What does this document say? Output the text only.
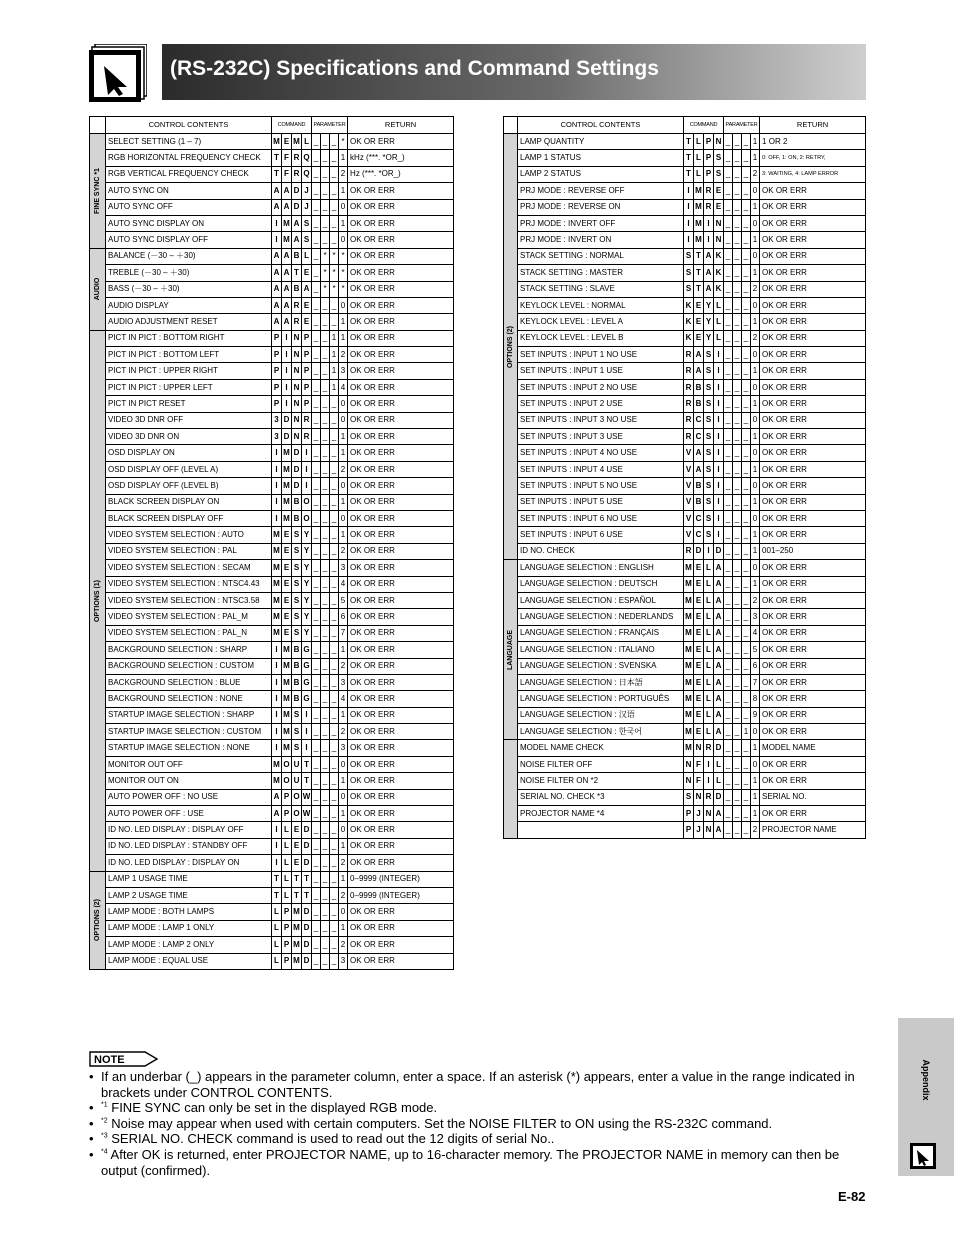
(RS-232C) Specifications and Command Settings
	CONTROL CONTENTS	COMMAND				PARAMETER				RETURN

FINE SYNC *1	SELECT SETTING (1 – 7)	M	E	M	L	_	_	_	*	OK OR ERR
	RGB HORIZONTAL FREQUENCY CHECK	T	F	R	Q	_	_	_	1	kHz (***. *OR_)
	RGB VERTICAL FREQUENCY CHECK	T	F	R	Q	_	_	_	2	Hz (***. *OR_)
	AUTO SYNC ON	A	A	D	J	_	_	_	1	OK OR ERR
	AUTO SYNC OFF	A	A	D	J	_	_	_	0	OK OR ERR
	AUTO SYNC DISPLAY ON	I	M	A	S	_	_	_	1	OK OR ERR
	AUTO SYNC DISPLAY OFF	I	M	A	S	_	_	_	0	OK OR ERR

AUDIO	BALANCE (－30 – ＋30)	A	A	B	L	_	*	*	*	OK OR ERR
	TREBLE (－30 – ＋30)	A	A	T	E	_	*	*	*	OK OR ERR
	BASS (－30 – ＋30)	A	A	B	A	_	*	*	*	OK OR ERR
	AUDIO DISPLAY	A	A	R	E	_	_	_	0	OK OR ERR
	AUDIO ADJUSTMENT RESET	A	A	R	E	_	_	_	1	OK OR ERR

OPTIONS (1)	PICT IN PICT : BOTTOM RIGHT	P	I	N	P	_	_	1	1	OK OR ERR
	PICT IN PICT : BOTTOM LEFT	P	I	N	P	_	_	1	2	OK OR ERR
	PICT IN PICT : UPPER RIGHT	P	I	N	P	_	_	1	3	OK OR ERR
	PICT IN PICT : UPPER LEFT	P	I	N	P	_	_	1	4	OK OR ERR
	PICT IN PICT RESET	P	I	N	P	_	_	_	0	OK OR ERR
	VIDEO 3D DNR OFF	3	D	N	R	_	_	_	0	OK OR ERR
	VIDEO 3D DNR ON	3	D	N	R	_	_	_	1	OK OR ERR
	OSD DISPLAY ON	I	M	D	I	_	_	_	1	OK OR ERR
	OSD DISPLAY OFF (LEVEL A)	I	M	D	I	_	_	_	2	OK OR ERR
	OSD DISPLAY OFF (LEVEL B)	I	M	D	I	_	_	_	0	OK OR ERR
	BLACK SCREEN DISPLAY ON	I	M	B	O	_	_	_	1	OK OR ERR
	BLACK SCREEN DISPLAY OFF	I	M	B	O	_	_	_	0	OK OR ERR
	VIDEO SYSTEM SELECTION : AUTO	M	E	S	Y	_	_	_	1	OK OR ERR
	VIDEO SYSTEM SELECTION : PAL	M	E	S	Y	_	_	_	2	OK OR ERR
	VIDEO SYSTEM SELECTION : SECAM	M	E	S	Y	_	_	_	3	OK OR ERR
	VIDEO SYSTEM SELECTION : NTSC4.43	M	E	S	Y	_	_	_	4	OK OR ERR
	VIDEO SYSTEM SELECTION : NTSC3.58	M	E	S	Y	_	_	_	5	OK OR ERR
	VIDEO SYSTEM SELECTION : PAL_M	M	E	S	Y	_	_	_	6	OK OR ERR
	VIDEO SYSTEM SELECTION : PAL_N	M	E	S	Y	_	_	_	7	OK OR ERR
	BACKGROUND SELECTION : SHARP	I	M	B	G	_	_	_	1	OK OR ERR
	BACKGROUND SELECTION : CUSTOM	I	M	B	G	_	_	_	2	OK OR ERR
	BACKGROUND SELECTION : BLUE	I	M	B	G	_	_	_	3	OK OR ERR
	BACKGROUND SELECTION : NONE	I	M	B	G	_	_	_	4	OK OR ERR
	STARTUP IMAGE SELECTION : SHARP	I	M	S	I	_	_	_	1	OK OR ERR
	STARTUP IMAGE SELECTION : CUSTOM	I	M	S	I	_	_	_	2	OK OR ERR
	STARTUP IMAGE SELECTION : NONE	I	M	S	I	_	_	_	3	OK OR ERR
	MONITOR OUT OFF	M	O	U	T	_	_	_	0	OK OR ERR
	MONITOR OUT ON	M	O	U	T	_	_	_	1	OK OR ERR
	AUTO POWER OFF : NO USE	A	P	O	W	_	_	_	0	OK OR ERR
	AUTO POWER OFF : USE	A	P	O	W	_	_	_	1	OK OR ERR
	ID NO. LED DISPLAY : DISPLAY OFF	I	L	E	D	_	_	_	0	OK OR ERR
	ID NO. LED DISPLAY : STANDBY OFF	I	L	E	D	_	_	_	1	OK OR ERR
	ID NO. LED DISPLAY : DISPLAY ON	I	L	E	D	_	_	_	2	OK OR ERR

OPTIONS (2)	LAMP 1 USAGE TIME	T	L	T	T	_	_	_	1	0–9999 (INTEGER)
	LAMP 2 USAGE TIME	T	L	T	T	_	_	_	2	0–9999 (INTEGER)
	LAMP MODE : BOTH LAMPS	L	P	M	D	_	_	_	0	OK OR ERR
	LAMP MODE : LAMP 1 ONLY	L	P	M	D	_	_	_	1	OK OR ERR
	LAMP MODE : LAMP 2 ONLY	L	P	M	D	_	_	_	2	OK OR ERR
	LAMP MODE : EQUAL USE	L	P	M	D	_	_	_	3	OK OR ERR
	CONTROL CONTENTS	COMMAND				PARAMETER				RETURN

OPTIONS (2)	LAMP QUANTITY	T	L	P	N	_	_	_	1	1 OR 2
	LAMP 1 STATUS	T	L	P	S	_	_	_	1	0: OFF, 1: ON, 2: RETRY,
	LAMP 2 STATUS	T	L	P	S	_	_	_	2	3: WAITING, 4: LAMP ERROR
	PRJ MODE : REVERSE OFF	I	M	R	E	_	_	_	0	OK OR ERR
	PRJ MODE : REVERSE ON	I	M	R	E	_	_	_	1	OK OR ERR
	PRJ MODE : INVERT OFF	I	M	I	N	_	_	_	0	OK OR ERR
	PRJ MODE : INVERT ON	I	M	I	N	_	_	_	1	OK OR ERR
	STACK SETTING : NORMAL	S	T	A	K	_	_	_	0	OK OR ERR
	STACK SETTING : MASTER	S	T	A	K	_	_	_	1	OK OR ERR
	STACK SETTING : SLAVE	S	T	A	K	_	_	_	2	OK OR ERR
	KEYLOCK LEVEL : NORMAL	K	E	Y	L	_	_	_	0	OK OR ERR
	KEYLOCK LEVEL : LEVEL A	K	E	Y	L	_	_	_	1	OK OR ERR
	KEYLOCK LEVEL : LEVEL B	K	E	Y	L	_	_	_	2	OK OR ERR
	SET INPUTS : INPUT 1 NO USE	R	A	S	I	_	_	_	0	OK OR ERR
	SET INPUTS : INPUT 1 USE	R	A	S	I	_	_	_	1	OK OR ERR
	SET INPUTS : INPUT 2 NO USE	R	B	S	I	_	_	_	0	OK OR ERR
	SET INPUTS : INPUT 2 USE	R	B	S	I	_	_	_	1	OK OR ERR
	SET INPUTS : INPUT 3 NO USE	R	C	S	I	_	_	_	0	OK OR ERR
	SET INPUTS : INPUT 3 USE	R	C	S	I	_	_	_	1	OK OR ERR
	SET INPUTS : INPUT 4 NO USE	V	A	S	I	_	_	_	0	OK OR ERR
	SET INPUTS : INPUT 4 USE	V	A	S	I	_	_	_	1	OK OR ERR
	SET INPUTS : INPUT 5 NO USE	V	B	S	I	_	_	_	0	OK OR ERR
	SET INPUTS : INPUT 5 USE	V	B	S	I	_	_	_	1	OK OR ERR
	SET INPUTS : INPUT 6 NO USE	V	C	S	I	_	_	_	0	OK OR ERR
	SET INPUTS : INPUT 6 USE	V	C	S	I	_	_	_	1	OK OR ERR
	ID NO. CHECK	R	D	I	D	_	_	_	1	001–250

LANGUAGE	LANGUAGE SELECTION : ENGLISH	M	E	L	A	_	_	_	0	OK OR ERR
	LANGUAGE SELECTION : DEUTSCH	M	E	L	A	_	_	_	1	OK OR ERR
	LANGUAGE SELECTION : ESPAÑOL	M	E	L	A	_	_	_	2	OK OR ERR
	LANGUAGE SELECTION : NEDERLANDS	M	E	L	A	_	_	_	3	OK OR ERR
	LANGUAGE SELECTION : FRANÇAIS	M	E	L	A	_	_	_	4	OK OR ERR
	LANGUAGE SELECTION : ITALIANO	M	E	L	A	_	_	_	5	OK OR ERR
	LANGUAGE SELECTION : SVENSKA	M	E	L	A	_	_	_	6	OK OR ERR
	LANGUAGE SELECTION : 日本語	M	E	L	A	_	_	_	7	OK OR ERR
	LANGUAGE SELECTION : PORTUGUÊS	M	E	L	A	_	_	_	8	OK OR ERR
	LANGUAGE SELECTION : 汉语	M	E	L	A	_	_	_	9	OK OR ERR
	LANGUAGE SELECTION : 한국어	M	E	L	A	_	_	1	0	OK OR ERR

	MODEL NAME CHECK	M	N	R	D	_	_	_	1	MODEL NAME
	NOISE FILTER OFF	N	F	I	L	_	_	_	0	OK OR ERR
	NOISE FILTER ON *2	N	F	I	L	_	_	_	1	OK OR ERR
	SERIAL NO. CHECK *3	S	N	R	D	_	_	_	1	SERIAL NO.
	PROJECTOR NAME *4	P	J	N	A	_	_	_	1	OK OR ERR
		P	J	N	A	_	_	_	2	PROJECTOR NAME
NOTE
• If an underbar (_) appears in the parameter column, enter a space. If an asterisk (*) appears, enter a value in the range indicated in brackets under CONTROL CONTENTS.
• $^{*1}$ FINE SYNC can only be set in the displayed RGB mode.
• $^{*2}$ Noise may appear when used with certain computers. Set the NOISE FILTER to ON using the RS-232C command.
• $^{*3}$ SERIAL NO. CHECK command is used to read out the 12 digits of serial No..
• $^{*4}$ After OK is returned, enter PROJECTOR NAME, up to 16-character memory. The PROJECTOR NAME in memory can then be output (confirmed).
Appendix
E-82
